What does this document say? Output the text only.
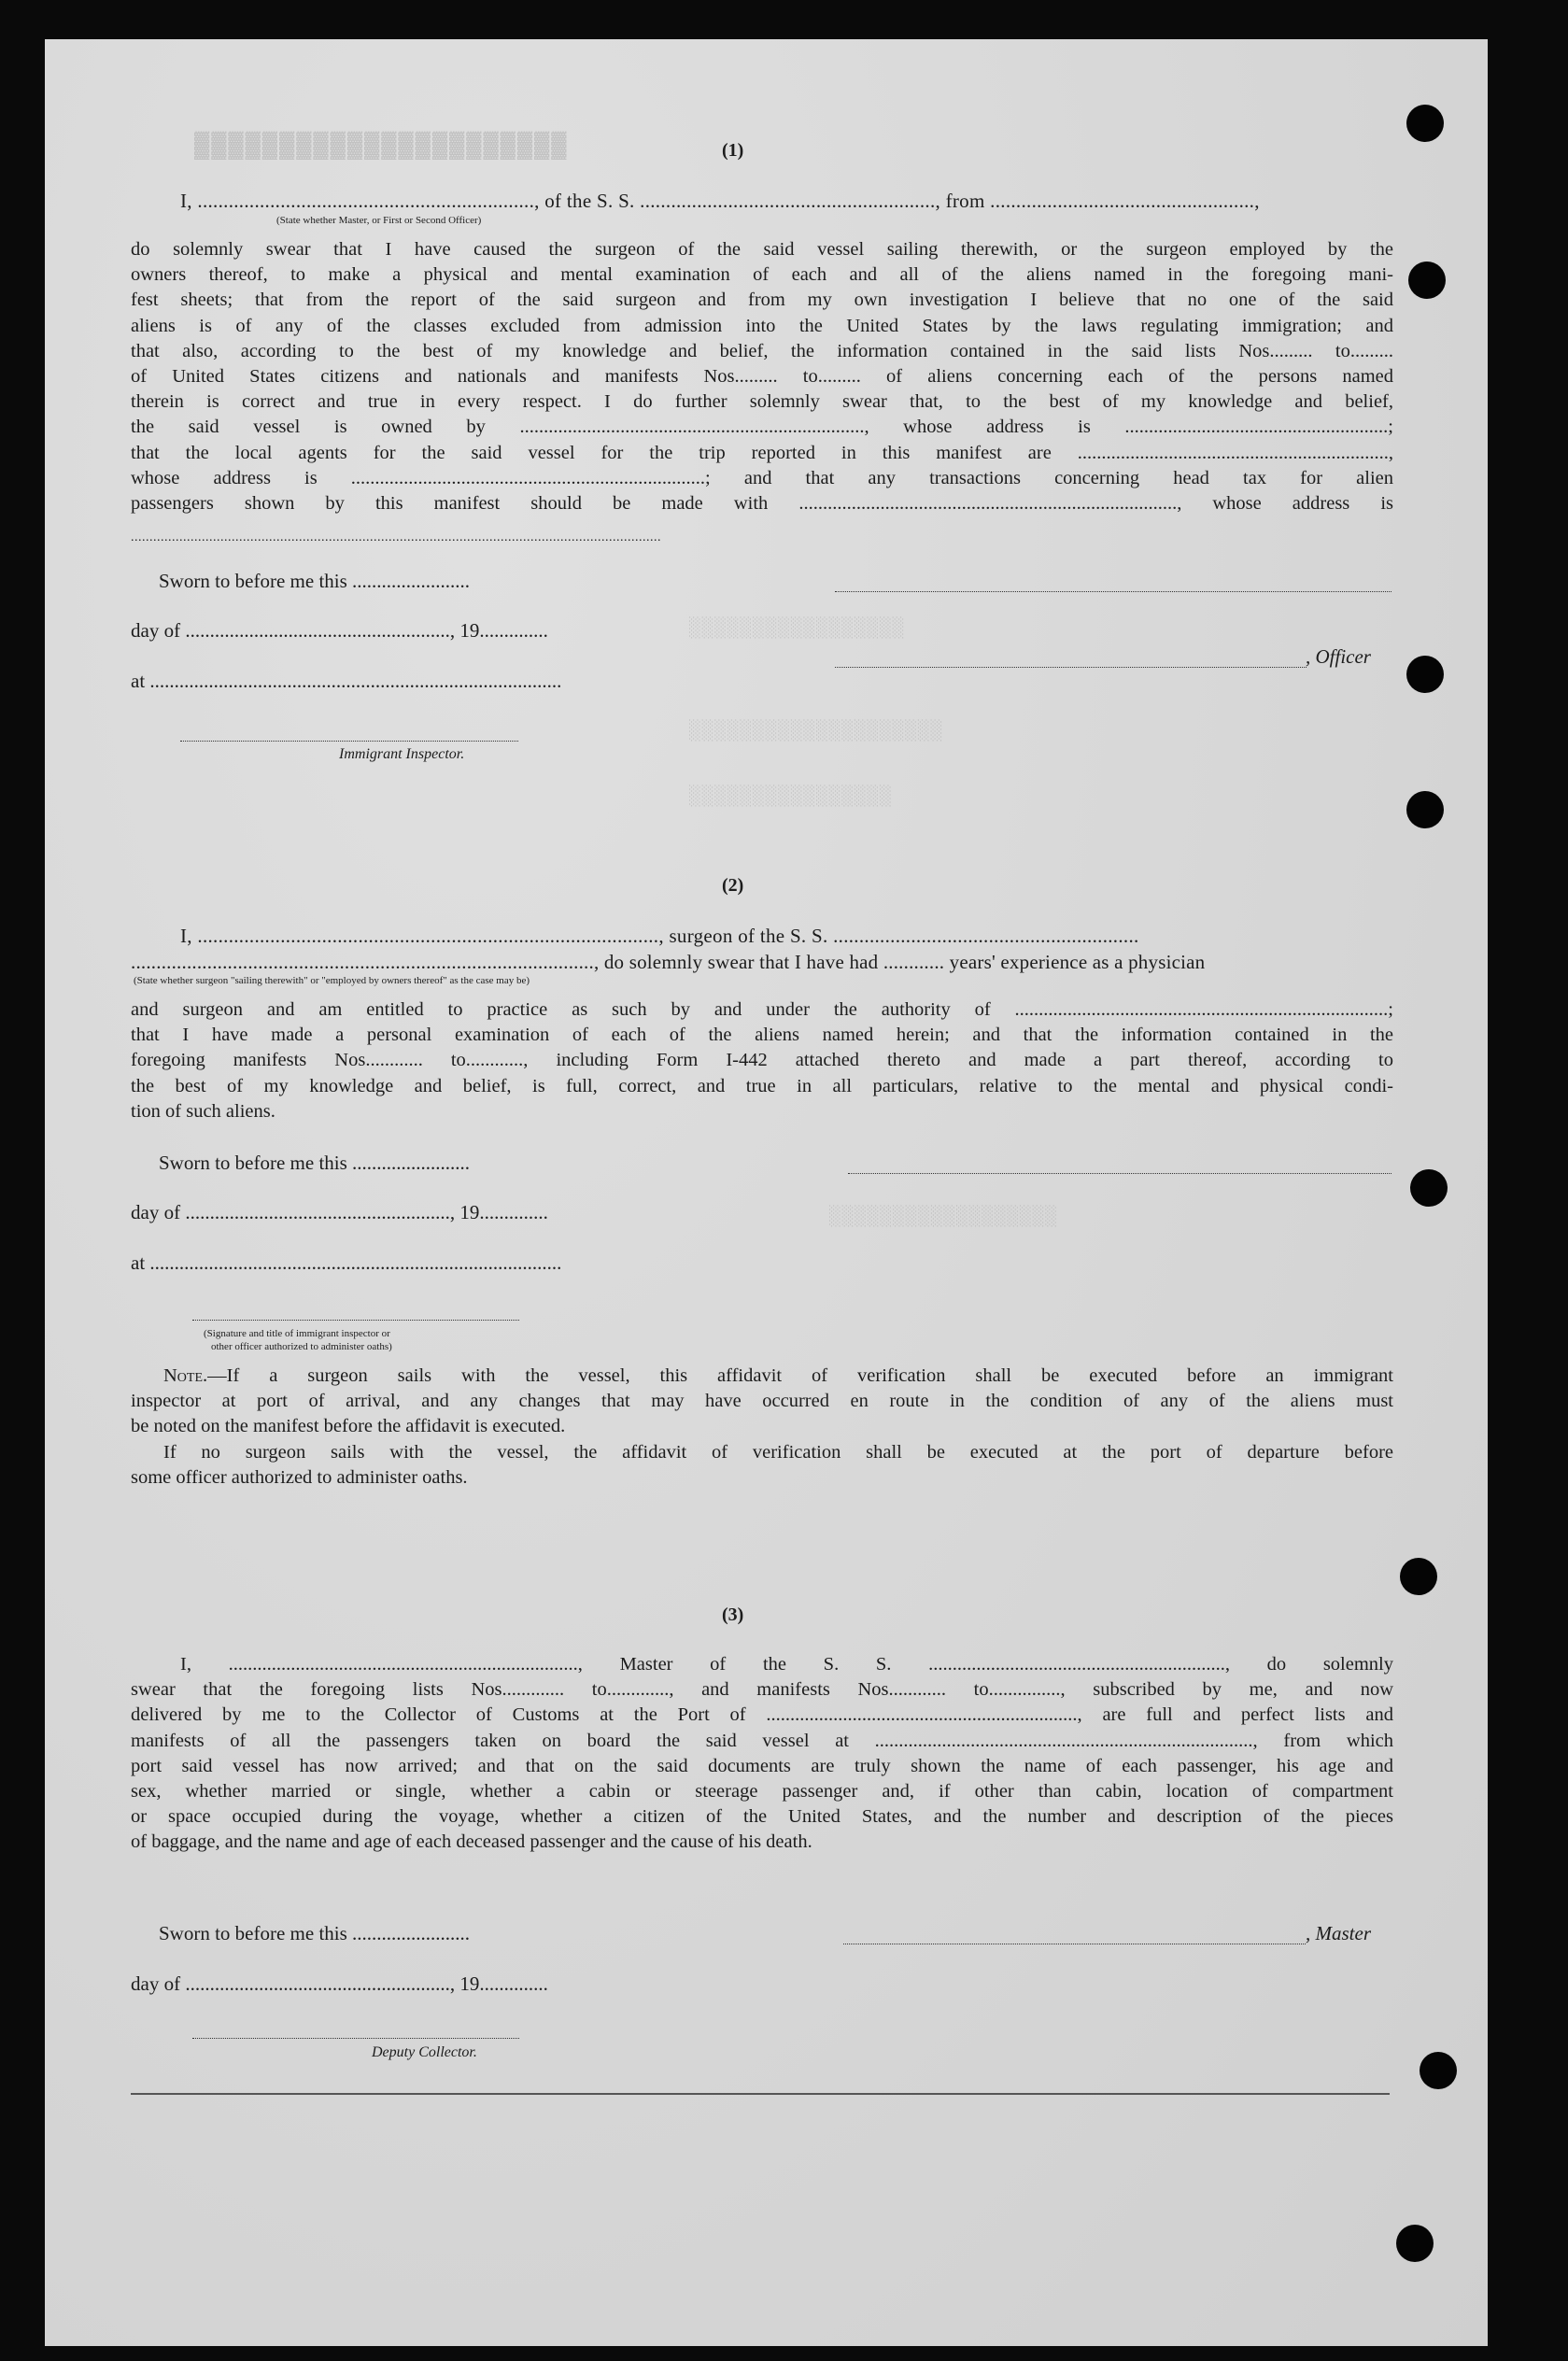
▓▓▓▓▓▓▓▓▓▓▓▓▓▓▓▓▓▓▓▓▓▓
░░░░░░░░░░░░░░░░░
░░░░░░░░░░░░░░░░░░░░
░░░░░░░░░░░░░░░░
░░░░░░░░░░░░░░░░░░
(1)
I, ................................................................., of the S. S. ........................................................., from ...................................................,
(State whether Master, or First or Second Officer)
do solemnly swear that I have caused the surgeon of the said vessel sailing therewith, or the surgeon employed by the
owners thereof, to make a physical and mental examination of each and all of the aliens named in the foregoing mani-
fest sheets; that from the report of the said surgeon and from my own investigation I believe that no one of the said
aliens is of any of the classes excluded from admission into the United States by the laws regulating immigration; and
that also, according to the best of my knowledge and belief, the information contained in the said lists Nos......... to.........
of United States citizens and nationals and manifests Nos......... to......... of aliens concerning each of the persons named
therein is correct and true in every respect. I do further solemnly swear that, to the best of my knowledge and belief,
the said vessel is owned by ........................................................................, whose address is .......................................................;
that the local agents for the said vessel for the trip reported in this manifest are .................................................................,
whose address is ..........................................................................; and that any transactions concerning head tax for alien
passengers shown by this manifest should be made with ..............................................................................., whose address is
..............................................................................................................................................
Sworn to before me this ........................
day of ......................................................, 19..............
at ....................................................................................
Immigrant Inspector.
, Officer
(2)
I, ........................................................................................., surgeon of the S. S. ...........................................................
..........................................................................................., do solemnly swear that I have had ............ years' experience as a physician
(State whether surgeon "sailing therewith" or "employed by owners thereof" as the case may be)
and surgeon and am entitled to practice as such by and under the authority of ..............................................................................;
that I have made a personal examination of each of the aliens named herein; and that the information contained in the
foregoing manifests Nos............ to............, including Form I-442 attached thereto and made a part thereof, according to
the best of my knowledge and belief, is full, correct, and true in all particulars, relative to the mental and physical condi-
tion of such aliens.
Sworn to before me this ........................
day of ......................................................, 19..............
at ....................................................................................
(Signature and title of immigrant inspector or
other officer authorized to administer oaths)
Note.—If a surgeon sails with the vessel, this affidavit of verification shall be executed before an immigrant
inspector at port of arrival, and any changes that may have occurred en route in the condition of any of the aliens must
be noted on the manifest before the affidavit is executed.
If no surgeon sails with the vessel, the affidavit of verification shall be executed at the port of departure before
some officer authorized to administer oaths.
(3)
I, ........................................................................., Master of the S. S. .............................................................., do solemnly
swear that the foregoing lists Nos............. to............., and manifests Nos............ to..............., subscribed by me, and now
delivered by me to the Collector of Customs at the Port of ................................................................., are full and perfect lists and
manifests of all the passengers taken on board the said vessel at ..............................................................................., from which
port said vessel has now arrived; and that on the said documents are truly shown the name of each passenger, his age and
sex, whether married or single, whether a cabin or steerage passenger and, if other than cabin, location of compartment
or space occupied during the voyage, whether a citizen of the United States, and the number and description of the pieces
of baggage, and the name and age of each deceased passenger and the cause of his death.
Sworn to before me this ........................
day of ......................................................, 19..............
Deputy Collector.
, Master
